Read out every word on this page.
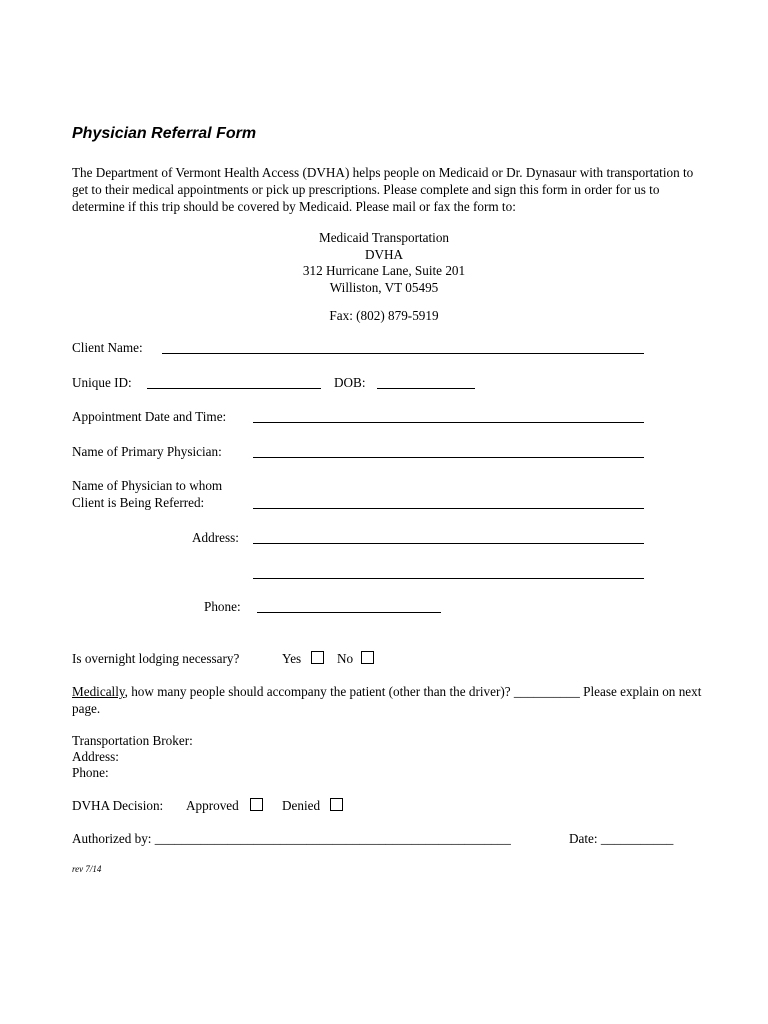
Physician Referral Form

The Department of Vermont Health Access (DVHA) helps people on Medicaid or Dr. Dynasaur with transportation to get to their medical appointments or pick up prescriptions. Please complete and sign this form in order for us to determine if this trip should be covered by Medicaid. Please mail or fax the form to:

Medicaid Transportation
DVHA
312 Hurricane Lane, Suite 201
Williston, VT 05495
Fax: (802) 879-5919
Client Name:
Unique ID:	DOB:
Appointment Date and Time:
Name of Primary Physician:
Name of Physician to whom
Client is Being Referred:
Address:
Phone:
Is overnight lodging necessary?	Yes	No
Medically, how many people should accompany the patient (other than the driver)? __________ Please explain on next page.
Transportation Broker:
Address:
Phone:
DVHA Decision: Approved	Denied
Authorized by: ______________________________________________________	Date: ___________
rev 7/14
